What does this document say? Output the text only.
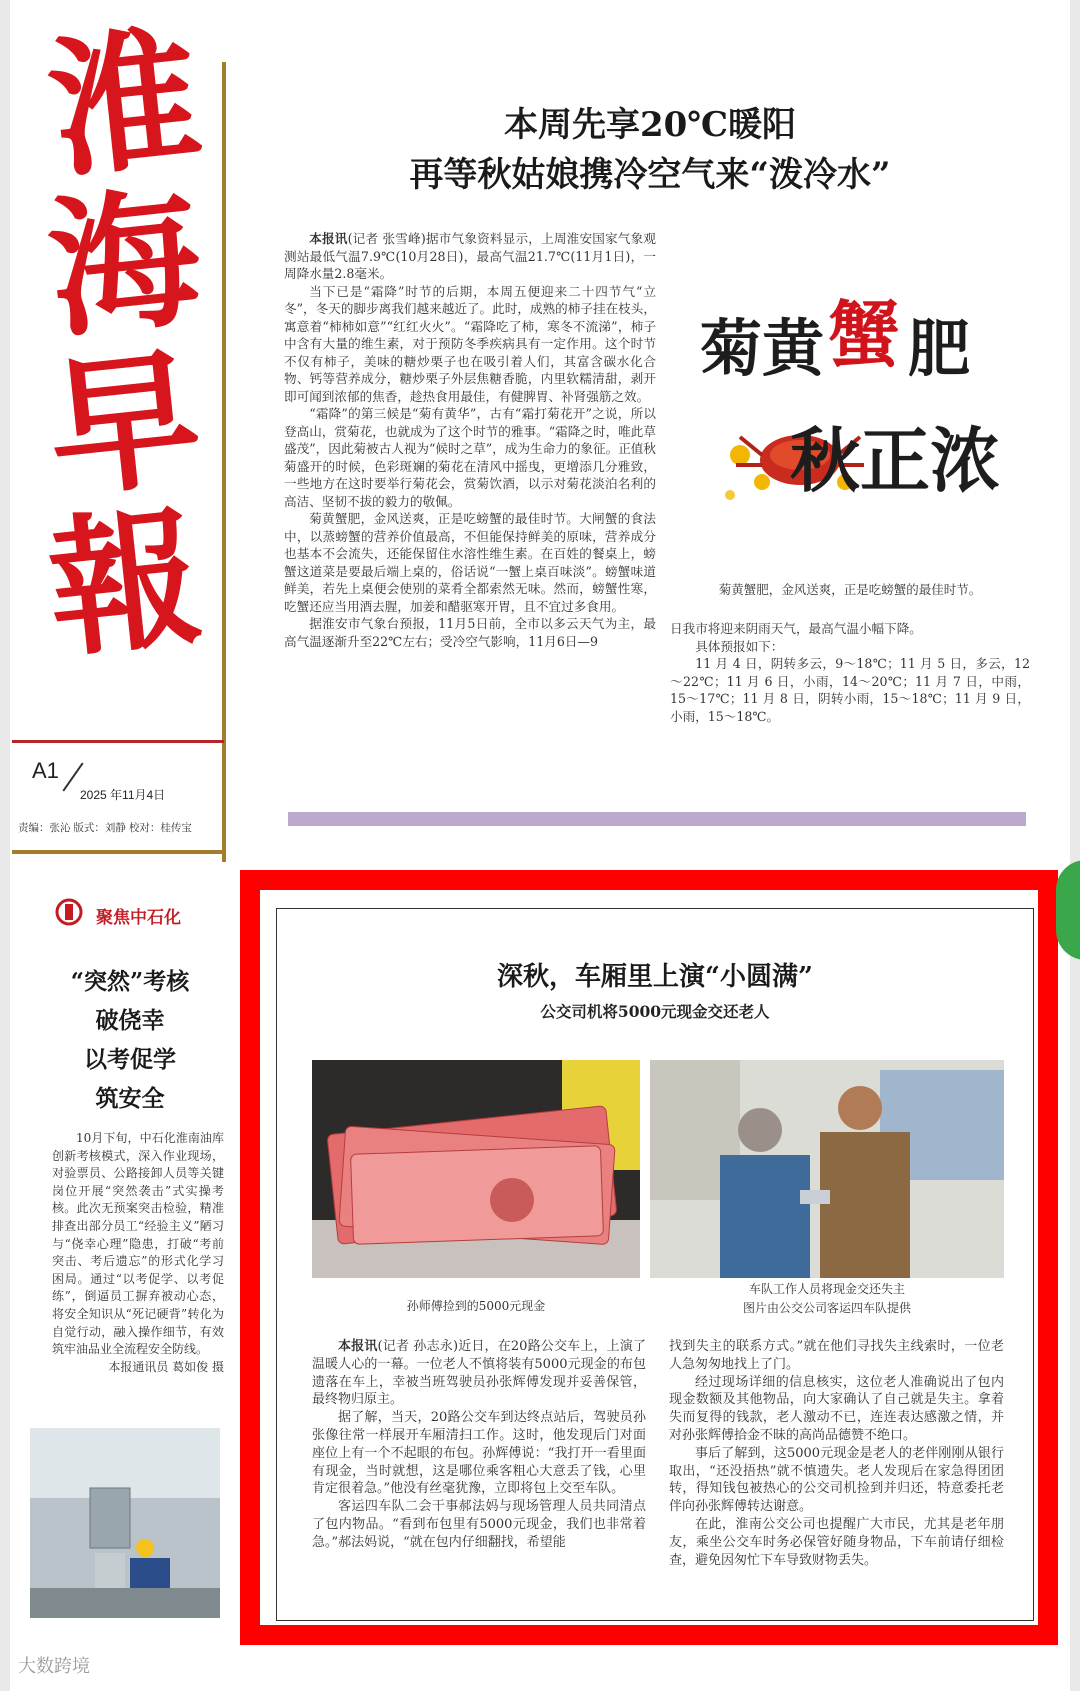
淮
海
早
報
A1
2025 年11月4日
责编：张沁 版式：刘静 校对：桂传宝
本周先享20℃暖阳
再等秋姑娘携冷空气来“泼冷水”

本报讯(记者 张雪峰)据市气象资料显示，上周淮安国家气象观测站最低气温7.9℃(10月28日)，最高气温21.7℃(11月1日)，一周降水量2.8毫米。

当下已是“霜降”时节的后期，本周五便迎来二十四节气“立冬”，冬天的脚步离我们越来越近了。此时，成熟的柿子挂在枝头，寓意着“柿柿如意”“红红火火”。“霜降吃了柿，寒冬不流涕”，柿子中含有大量的维生素，对于预防冬季疾病具有一定作用。这个时节不仅有柿子，美味的糖炒栗子也在吸引着人们，其富含碳水化合物、钙等营养成分，糖炒栗子外层焦糖香脆，内里软糯清甜，剥开即可闻到浓郁的焦香，趁热食用最佳，有健脾胃、补肾强筋之效。

“霜降”的第三候是“菊有黄华”，古有“霜打菊花开”之说，所以登高山，赏菊花，也就成为了这个时节的雅事。“霜降之时，唯此草盛茂”，因此菊被古人视为“候时之草”，成为生命力的象征。正值秋菊盛开的时候，色彩斑斓的菊花在清风中摇曳，更增添几分雅致，一些地方在这时要举行菊花会，赏菊饮酒，以示对菊花淡泊名利的高洁、坚韧不拔的毅力的敬佩。

菊黄蟹肥，金风送爽，正是吃螃蟹的最佳时节。大闸蟹的食法中，以蒸螃蟹的营养价值最高，不但能保持鲜美的原味，营养成分也基本不会流失，还能保留住水溶性维生素。在百姓的餐桌上，螃蟹这道菜是要最后端上桌的，俗话说“一蟹上桌百味淡”。螃蟹味道鲜美，若先上桌便会使别的菜肴全都索然无味。然而，螃蟹性寒，吃蟹还应当用酒去腥，加姜和醋驱寒开胃，且不宜过多食用。

据淮安市气象台预报，11月5日前，全市以多云天气为主，最高气温逐渐升至22℃左右；受冷空气影响，11月6日—9

菊黄 蟹 肥
秋正浓
菊黄蟹肥，金风送爽，正是吃螃蟹的最佳时节。

日我市将迎来阴雨天气，最高气温小幅下降。

具体预报如下：

11 月 4 日，阴转多云，9～18℃；11 月 5 日，多云，12～22℃；11 月 6 日，小雨，14～20℃；11 月 7 日，中雨，15～17℃；11 月 8 日，阴转小雨，15～18℃；11 月 9 日，小雨，15～18℃。

聚焦中石化
“突然”考核
破侥幸
以考促学
筑安全

10月下旬，中石化淮南油库创新考核模式，深入作业现场，对验票员、公路接卸人员等关键岗位开展“突然袭击”式实操考核。此次无预案突击检验，精准排查出部分员工“经验主义”陋习与“侥幸心理”隐患，打破“考前突击、考后遗忘”的形式化学习困局。通过“以考促学、以考促练”，倒逼员工摒弃被动心态，将安全知识从“死记硬背”转化为自觉行动，融入操作细节，有效筑牢油品业全流程安全防线。

本报通讯员 葛如俊 摄

深秋，车厢里上演“小圆满”
公交司机将5000元现金交还老人
孙师傅捡到的5000元现金
车队工作人员将现金交还失主
图片由公交公司客运四车队提供

本报讯(记者 孙志永)近日，在20路公交车上，上演了温暖人心的一幕。一位老人不慎将装有5000元现金的布包遗落在车上，幸被当班驾驶员孙张辉傅发现并妥善保管，最终物归原主。

据了解，当天，20路公交车到达终点站后，驾驶员孙张像往常一样展开车厢清扫工作。这时，他发现后门对面座位上有一个不起眼的布包。孙辉傅说：“我打开一看里面有现金，当时就想，这是哪位乘客粗心大意丢了钱，心里肯定很着急。”他没有丝毫犹豫，立即将包上交至车队。

客运四车队二会干事郝法妈与现场管理人员共同清点了包内物品。“看到布包里有5000元现金，我们也非常着急。”郝法妈说，“就在包内仔细翻找，希望能

找到失主的联系方式。”就在他们寻找失主线索时，一位老人急匆匆地找上了门。

经过现场详细的信息核实，这位老人准确说出了包内现金数额及其他物品，向大家确认了自己就是失主。拿着失而复得的钱款，老人激动不已，连连表达感激之情，并对孙张辉傅拾金不昧的高尚品德赞不绝口。

事后了解到，这5000元现金是老人的老伴刚刚从银行取出，“还没捂热”就不慎遗失。老人发现后在家急得团团转，得知钱包被热心的公交司机捡到并归还，特意委托老伴向孙张辉傅转达谢意。

在此，淮南公交公司也提醒广大市民，尤其是老年朋友，乘坐公交车时务必保管好随身物品，下车前请仔细检查，避免因匆忙下车导致财物丢失。

大数跨境
